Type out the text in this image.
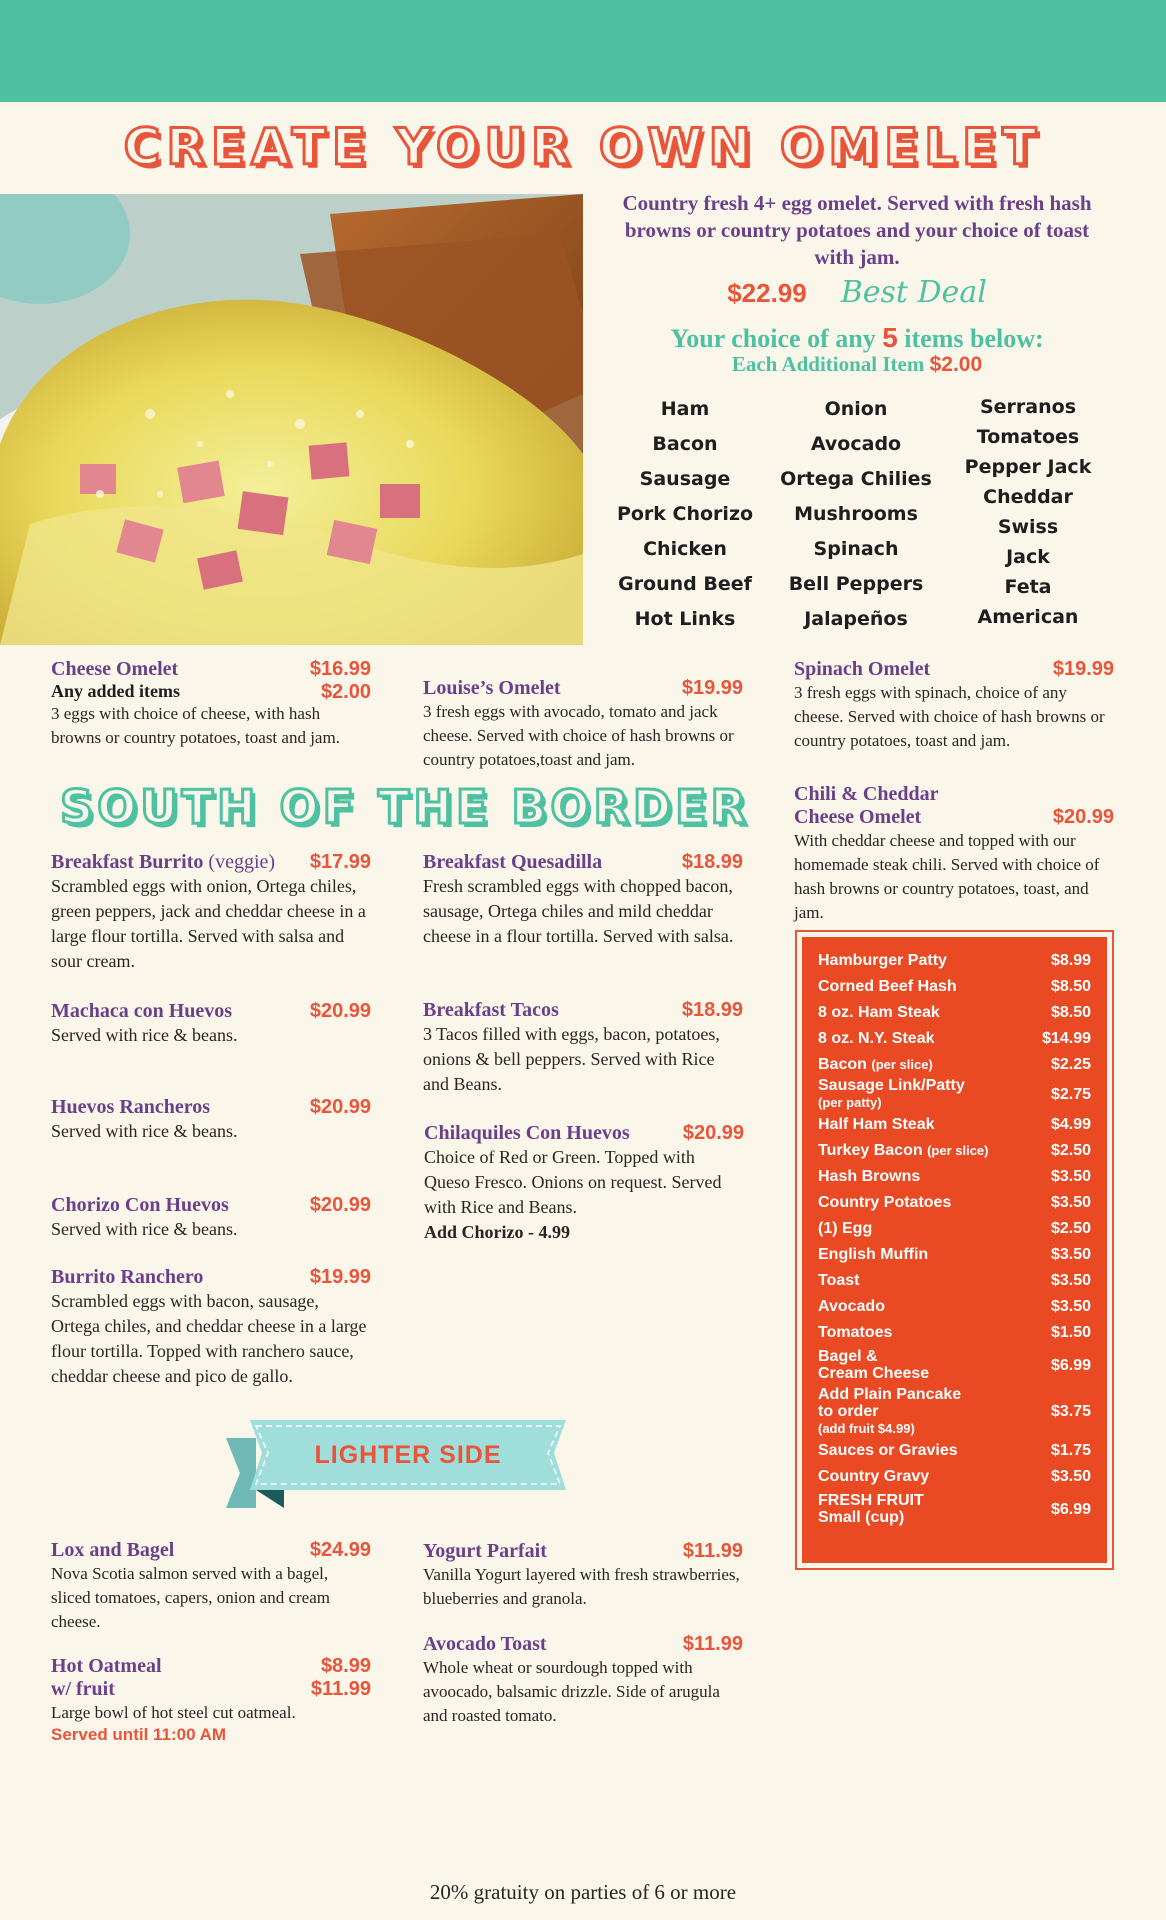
CREATE YOUR OWN OMELET
Country fresh 4+ egg omelet. Served with fresh hash browns or country potatoes and your choice of toast with jam.
$22.99 Best Deal
Your choice of any 5 items below:
Each Additional Item $2.00
Ham
Bacon
Sausage
Pork Chorizo
Chicken
Ground Beef
Hot Links
Onion
Avocado
Ortega Chilies
Mushrooms
Spinach
Bell Peppers
Jalapeños
Serranos
Tomatoes
Pepper Jack
Cheddar
Swiss
Jack
Feta
American
Cheese Omelet	$16.99
Any added items	$2.00
3 eggs with choice of cheese, with hash browns or country potatoes, toast and jam.
Louise’s Omelet	$19.99
3 fresh eggs with avocado, tomato and jack cheese. Served with choice of hash browns or country potatoes,toast and jam.
Spinach Omelet	$19.99
3 fresh eggs with spinach, choice of any cheese. Served with choice of hash browns or country potatoes, toast and jam.
Chili & Cheddar
Cheese Omelet	$20.99
With cheddar cheese and topped with our homemade steak chili. Served with choice of hash browns or country potatoes, toast, and jam.
SOUTH OF THE BORDER
Breakfast Burrito (veggie)	$17.99
Scrambled eggs with onion, Ortega chiles, green peppers, jack and cheddar cheese in a large flour tortilla. Served with salsa and sour cream.
Breakfast Quesadilla	$18.99
Fresh scrambled eggs with chopped bacon, sausage, Ortega chiles and mild cheddar cheese in a flour tortilla. Served with salsa.
Machaca con Huevos	$20.99
Served with rice & beans.
Breakfast Tacos	$18.99
3 Tacos filled with eggs, bacon, potatoes, onions & bell peppers. Served with Rice and Beans.
Huevos Rancheros	$20.99
Served with rice & beans.	Chilaquiles Con Huevos	$20.99
Choice of Red or Green. Topped with Queso Fresco. Onions on request. Served with Rice and Beans.
Add Chorizo - 4.99
Chorizo Con Huevos	$20.99
Served with rice & beans.
Burrito Ranchero	$19.99
Scrambled eggs with bacon, sausage, Ortega chiles, and cheddar cheese in a large flour tortilla. Topped with ranchero sauce, cheddar cheese and pico de gallo.
LIGHTER SIDE
Lox and Bagel	$24.99
Nova Scotia salmon served with a bagel, sliced tomatoes, capers, onion and cream cheese.
Yogurt Parfait	$11.99
Vanilla Yogurt layered with fresh strawberries, blueberries and granola.
Hot Oatmeal	$8.99
w/ fruit	$11.99
Large bowl of hot steel cut oatmeal.
Served until 11:00 AM
Avocado Toast	$11.99
Whole wheat or sourdough topped with avoocado, balsamic drizzle. Side of arugula and roasted tomato.
Hamburger Patty	$8.99
Corned Beef Hash	$8.50
8 oz. Ham Steak	$8.50
8 oz. N.Y. Steak	$14.99
Bacon (per slice)	$2.25
Sausage Link/Patty
(per patty)	$2.75
Half Ham Steak	$4.99
Turkey Bacon (per slice)	$2.50
Hash Browns	$3.50
Country Potatoes	$3.50
(1) Egg	$2.50
English Muffin	$3.50
Toast	$3.50
Avocado	$3.50
Tomatoes	$1.50
Bagel &
Cream Cheese	$6.99
Add Plain Pancake
to order
(add fruit $4.99)
$3.75
Sauces or Gravies	$1.75
Country Gravy	$3.50
FRESH FRUIT
Small (cup)	$6.99
20% gratuity on parties of 6 or more
